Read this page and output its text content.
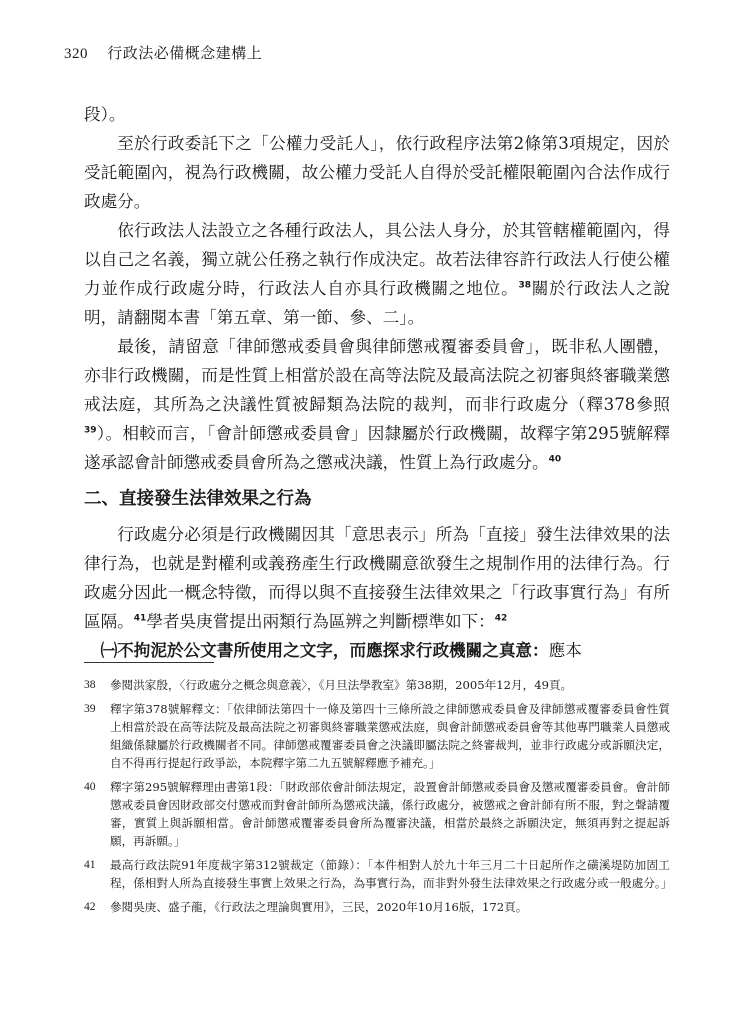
320 行政法必備概念建構上

段）。

至於行政委託下之「公權力受託人」，依行政程序法第2條第3項規定，因於受託範圍內，視為行政機關，故公權力受託人自得於受託權限範圍內合法作成行政處分。

依行政法人法設立之各種行政法人，具公法人身分，於其管轄權範圍內，得以自己之名義，獨立就公任務之執行作成決定。故若法律容許行政法人行使公權力並作成行政處分時，行政法人自亦具行政機關之地位。$^{38}$關於行政法人之說明，請翻閱本書「第五章、第一節、參、二」。

最後，請留意「律師懲戒委員會與律師懲戒覆審委員會」，既非私人團體，亦非行政機關，而是性質上相當於設在高等法院及最高法院之初審與終審職業懲戒法庭，其所為之決議性質被歸類為法院的裁判，而非行政處分（釋378參照$^{39}$）。相較而言，「會計師懲戒委員會」因隸屬於行政機關，故釋字第295號解釋遂承認會計師懲戒委員會所為之懲戒決議，性質上為行政處分。$^{40}$

二、直接發生法律效果之行為

行政處分必須是行政機關因其「意思表示」所為「直接」發生法律效果的法律行為，也就是對權利或義務產生行政機關意欲發生之規制作用的法律行為。行政處分因此一概念特徵，而得以與不直接發生法律效果之「行政事實行為」有所區隔。$^{41}$學者吳庚嘗提出兩類行為區辨之判斷標準如下：$^{42}$

㈠不拘泥於公文書所使用之文字，而應探求行政機關之真意：應本

38	參閱洪家殷，〈行政處分之概念與意義〉，《月旦法學教室》第38期，2005年12月，49頁。
39	釋字第378號解釋文：「依律師法第四十一條及第四十三條所設之律師懲戒委員會及律師懲戒覆審委員會性質上相當於設在高等法院及最高法院之初審與終審職業懲戒法庭，與會計師懲戒委員會等其他專門職業人員懲戒組織係隸屬於行政機關者不同。律師懲戒覆審委員會之決議即屬法院之終審裁判，並非行政處分或訴願決定，自不得再行提起行政爭訟，本院釋字第二九五號解釋應予補充。」
40	釋字第295號解釋理由書第1段：「財政部依會計師法規定，設置會計師懲戒委員會及懲戒覆審委員會。會計師懲戒委員會因財政部交付懲戒而對會計師所為懲戒決議，係行政處分，被懲戒之會計師有所不服，對之聲請覆審，實質上與訴願相當。會計師懲戒覆審委員會所為覆審決議，相當於最終之訴願決定，無須再對之提起訴願，再訴願。」
41	最高行政法院91年度裁字第312號裁定（節錄）：「本件相對人於九十年三月二十日起所作之磺溪堤防加固工程，係相對人所為直接發生事實上效果之行為，為事實行為，而非對外發生法律效果之行政處分或一般處分。」
42	參閱吳庚、盛子龍，《行政法之理論與實用》，三民，2020年10月16版，172頁。
